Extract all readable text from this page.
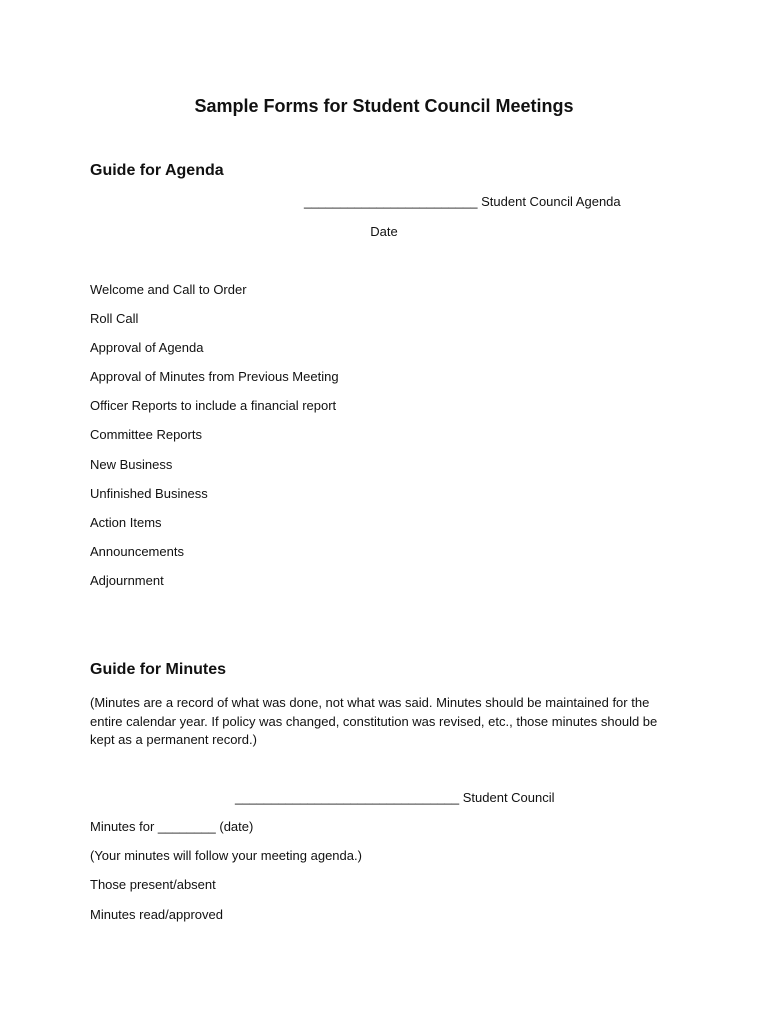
Sample Forms for Student Council Meetings
Guide for Agenda
________________________ Student Council Agenda
Date
Welcome and Call to Order
Roll Call
Approval of Agenda
Approval of Minutes from Previous Meeting
Officer Reports to include a financial report
Committee Reports
New Business
Unfinished Business
Action Items
Announcements
Adjournment
Guide for Minutes
(Minutes are a record of what was done, not what was said. Minutes should be maintained for the entire calendar year. If policy was changed, constitution was revised, etc., those minutes should be kept as a permanent record.)
_______________________________ Student Council
Minutes for ________ (date)
(Your minutes will follow your meeting agenda.)
Those present/absent
Minutes read/approved
